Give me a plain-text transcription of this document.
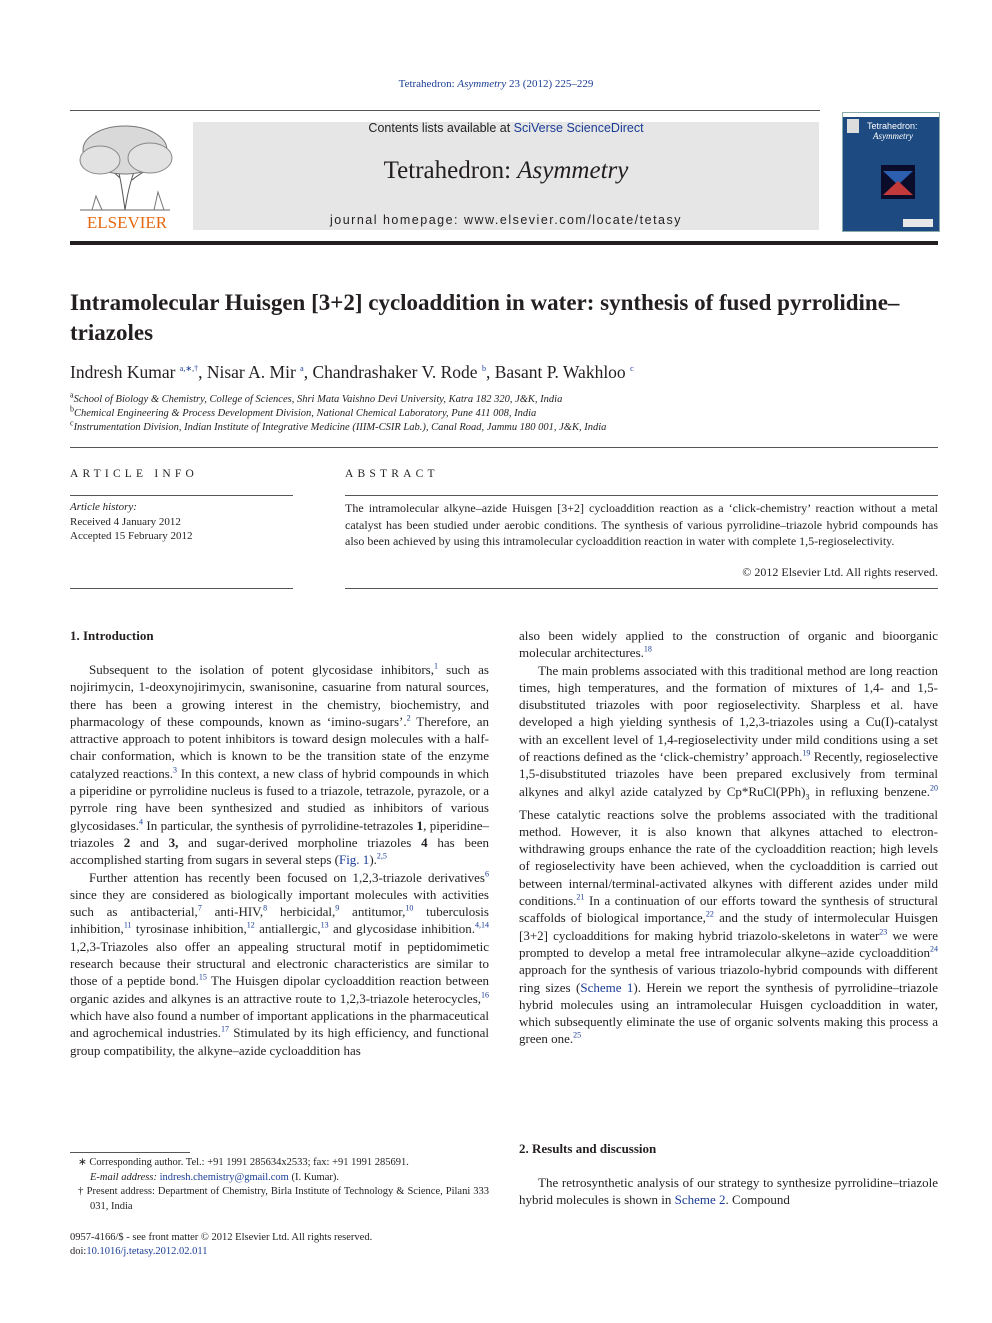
Tetrahedron: Asymmetry 23 (2012) 225–229
ELSEVIER
Contents lists available at SciVerse ScienceDirect
Tetrahedron: Asymmetry
journal homepage: www.elsevier.com/locate/tetasy
Tetrahedron:
Asymmetry
Intramolecular Huisgen [3+2] cycloaddition in water: synthesis of fused pyrrolidine–triazoles
Indresh Kumar $^{a,∗,\dagger}$, Nisar A. Mir $^a$, Chandrashaker V. Rode $^b$, Basant P. Wakhloo $^c$
$^a$School of Biology & Chemistry, College of Sciences, Shri Mata Vaishno Devi University, Katra 182 320, J&K, India
$^b$Chemical Engineering & Process Development Division, National Chemical Laboratory, Pune 411 008, India
$^c$Instrumentation Division, Indian Institute of Integrative Medicine (IIIM-CSIR Lab.), Canal Road, Jammu 180 001, J&K, India
ARTICLE INFO	ABSTRACT
Article history:
Received 4 January 2012
Accepted 15 February 2012
The intramolecular alkyne–azide Huisgen [3+2] cycloaddition reaction as a ‘click-chemistry’ reaction without a metal catalyst has been studied under aerobic conditions. The synthesis of various pyrrolidine–triazole hybrid compounds has also been achieved by using this intramolecular cycloaddition reaction in water with complete 1,5-regioselectivity.
© 2012 Elsevier Ltd. All rights reserved.
1. Introduction

Subsequent to the isolation of potent glycosidase inhibitors,$^1$ such as nojirimycin, 1-deoxynojirimycin, swanisonine, casuarine from natural sources, there has been a growing interest in the chemistry, biochemistry, and pharmacology of these compounds, known as ‘imino-sugars’.$^2$ Therefore, an attractive approach to potent inhibitors is toward design molecules with a half-chair conformation, which is known to be the transition state of the enzyme catalyzed reactions.$^3$ In this context, a new class of hybrid compounds in which a piperidine or pyrrolidine nucleus is fused to a triazole, tetrazole, pyrazole, or a pyrrole ring have been synthesized and studied as inhibitors of various glycosidases.$^4$ In particular, the synthesis of pyrrolidine-tetrazoles 1, piperidine–triazoles 2 and 3, and sugar-derived morpholine triazoles 4 has been accomplished starting from sugars in several steps (Fig. 1).$^{2,5}$

Further attention has recently been focused on 1,2,3-triazole derivatives$^6$ since they are considered as biologically important molecules with activities such as antibacterial,$^7$ anti-HIV,$^8$ herbicidal,$^9$ antitumor,$^{10}$ tuberculosis inhibition,$^{11}$ tyrosinase inhibition,$^{12}$ antiallergic,$^{13}$ and glycosidase inhibition.$^{4,14}$ 1,2,3-Triazoles also offer an appealing structural motif in peptidomimetic research because their structural and electronic characteristics are similar to those of a peptide bond.$^{15}$ The Huisgen dipolar cycloaddition reaction between organic azides and alkynes is an attractive route to 1,2,3-triazole heterocycles,$^{16}$ which have also found a number of important applications in the pharmaceutical and agrochemical industries.$^{17}$ Stimulated by its high efficiency, and functional group compatibility, the alkyne–azide cycloaddition has

also been widely applied to the construction of organic and bioorganic molecular architectures.$^{18}$

The main problems associated with this traditional method are long reaction times, high temperatures, and the formation of mixtures of 1,4- and 1,5-disubstituted triazoles with poor regioselectivity. Sharpless et al. have developed a high yielding synthesis of 1,2,3-triazoles using a Cu(I)-catalyst with an excellent level of 1,4-regioselectivity under mild conditions using a set of reactions defined as the ‘click-chemistry’ approach.$^{19}$ Recently, regioselective 1,5-disubstituted triazoles have been prepared exclusively from terminal alkynes and alkyl azide catalyzed by $Cp*RuCl(PPh)_3$ in refluxing benzene.$^{20}$ These catalytic reactions solve the problems associated with the traditional method. However, it is also known that alkynes attached to electron-withdrawing groups enhance the rate of the cycloaddition reaction; high levels of regioselectivity have been achieved, when the cycloaddition is carried out between internal/terminal-activated alkynes with different azides under mild conditions.$^{21}$ In a continuation of our efforts toward the synthesis of structural scaffolds of biological importance,$^{22}$ and the study of intermolecular Huisgen [3+2] cycloadditions for making hybrid triazolo-skeletons in water$^{23}$ we were prompted to develop a metal free intramolecular alkyne–azide cycloaddition$^{24}$ approach for the synthesis of various triazolo-hybrid compounds with different ring sizes (Scheme 1). Herein we report the synthesis of pyrrolidine–triazole hybrid molecules using an intramolecular Huisgen cycloaddition in water, which subsequently eliminate the use of organic solvents making this process a green one.$^{25}$

2. Results and discussion

The retrosynthetic analysis of our strategy to synthesize pyrrolidine–triazole hybrid molecules is shown in Scheme 2. Compound

∗ Corresponding author. Tel.: +91 1991 285634x2533; fax: +91 1991 285691.
E-mail address: indresh.chemistry@gmail.com (I. Kumar).
† Present address: Department of Chemistry, Birla Institute of Technology & Science, Pilani 333 031, India
0957-4166/$ - see front matter © 2012 Elsevier Ltd. All rights reserved.
doi:10.1016/j.tetasy.2012.02.011
